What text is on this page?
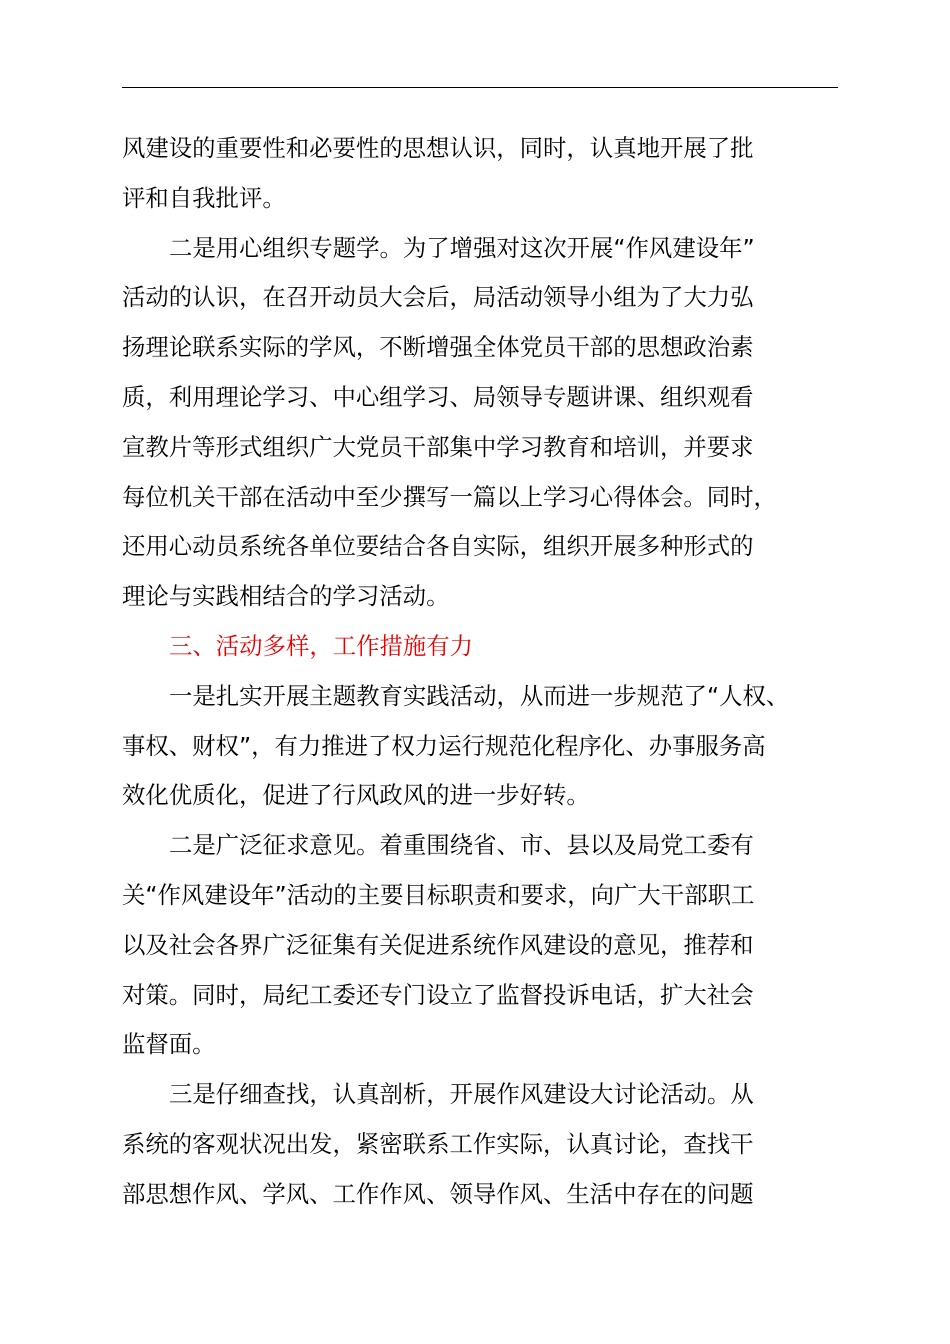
风建设的重要性和必要性的思想认识，同时，认真地开展了批
评和自我批评。
二是用心组织专题学。为了增强对这次开展“作风建设年”
活动的认识，在召开动员大会后，局活动领导小组为了大力弘
扬理论联系实际的学风，不断增强全体党员干部的思想政治素
质，利用理论学习、中心组学习、局领导专题讲课、组织观看
宣教片等形式组织广大党员干部集中学习教育和培训，并要求
每位机关干部在活动中至少撰写一篇以上学习心得体会。同时，
还用心动员系统各单位要结合各自实际，组织开展多种形式的
理论与实践相结合的学习活动。
三、活动多样，工作措施有力
一是扎实开展主题教育实践活动，从而进一步规范了“人权、
事权、财权”，有力推进了权力运行规范化程序化、办事服务高
效化优质化，促进了行风政风的进一步好转。
二是广泛征求意见。着重围绕省、市、县以及局党工委有
关“作风建设年”活动的主要目标职责和要求，向广大干部职工
以及社会各界广泛征集有关促进系统作风建设的意见，推荐和
对策。同时，局纪工委还专门设立了监督投诉电话，扩大社会
监督面。
三是仔细查找，认真剖析，开展作风建设大讨论活动。从
系统的客观状况出发，紧密联系工作实际，认真讨论，查找干
部思想作风、学风、工作作风、领导作风、生活中存在的问题
